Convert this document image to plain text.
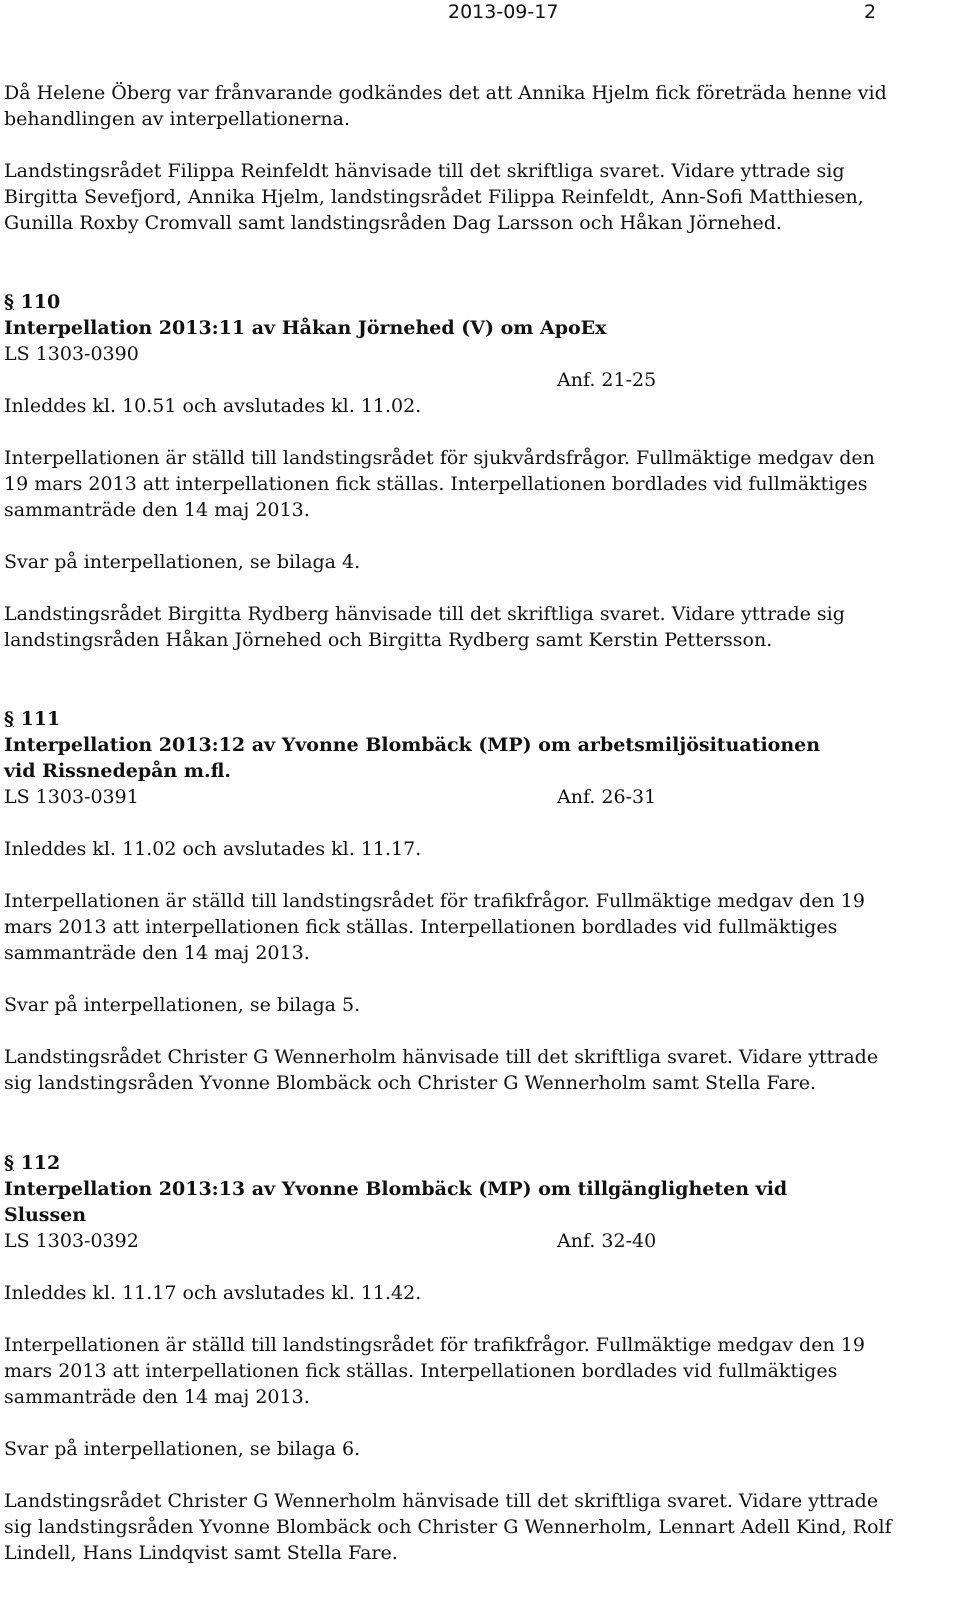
2013-09-17	2
Då Helene Öberg var frånvarande godkändes det att Annika Hjelm fick företräda henne vid
behandlingen av interpellationerna.
Landstingsrådet Filippa Reinfeldt hänvisade till det skriftliga svaret. Vidare yttrade sig
Birgitta Sevefjord, Annika Hjelm, landstingsrådet Filippa Reinfeldt, Ann-Sofi Matthiesen,
Gunilla Roxby Cromvall samt landstingsråden Dag Larsson och Håkan Jörnehed.
§ 110
Interpellation 2013:11 av Håkan Jörnehed (V) om ApoEx
LS 1303-0390
Anf. 21-25
Inleddes kl. 10.51 och avslutades kl. 11.02.
Interpellationen är ställd till landstingsrådet för sjukvårdsfrågor. Fullmäktige medgav den
19 mars 2013 att interpellationen fick ställas. Interpellationen bordlades vid fullmäktiges
sammanträde den 14 maj 2013.
Svar på interpellationen, se bilaga 4.
Landstingsrådet Birgitta Rydberg hänvisade till det skriftliga svaret. Vidare yttrade sig
landstingsråden Håkan Jörnehed och Birgitta Rydberg samt Kerstin Pettersson.
§ 111
Interpellation 2013:12 av Yvonne Blombäck (MP) om arbetsmiljösituationen
vid Rissnedepån m.fl.
LS 1303-0391	Anf. 26-31
Inleddes kl. 11.02 och avslutades kl. 11.17.
Interpellationen är ställd till landstingsrådet för trafikfrågor. Fullmäktige medgav den 19
mars 2013 att interpellationen fick ställas. Interpellationen bordlades vid fullmäktiges
sammanträde den 14 maj 2013.
Svar på interpellationen, se bilaga 5.
Landstingsrådet Christer G Wennerholm hänvisade till det skriftliga svaret. Vidare yttrade
sig landstingsråden Yvonne Blombäck och Christer G Wennerholm samt Stella Fare.
§ 112
Interpellation 2013:13 av Yvonne Blombäck (MP) om tillgängligheten vid
Slussen
LS 1303-0392	Anf. 32-40
Inleddes kl. 11.17 och avslutades kl. 11.42.
Interpellationen är ställd till landstingsrådet för trafikfrågor. Fullmäktige medgav den 19
mars 2013 att interpellationen fick ställas. Interpellationen bordlades vid fullmäktiges
sammanträde den 14 maj 2013.
Svar på interpellationen, se bilaga 6.
Landstingsrådet Christer G Wennerholm hänvisade till det skriftliga svaret. Vidare yttrade
sig landstingsråden Yvonne Blombäck och Christer G Wennerholm, Lennart Adell Kind, Rolf
Lindell, Hans Lindqvist samt Stella Fare.
